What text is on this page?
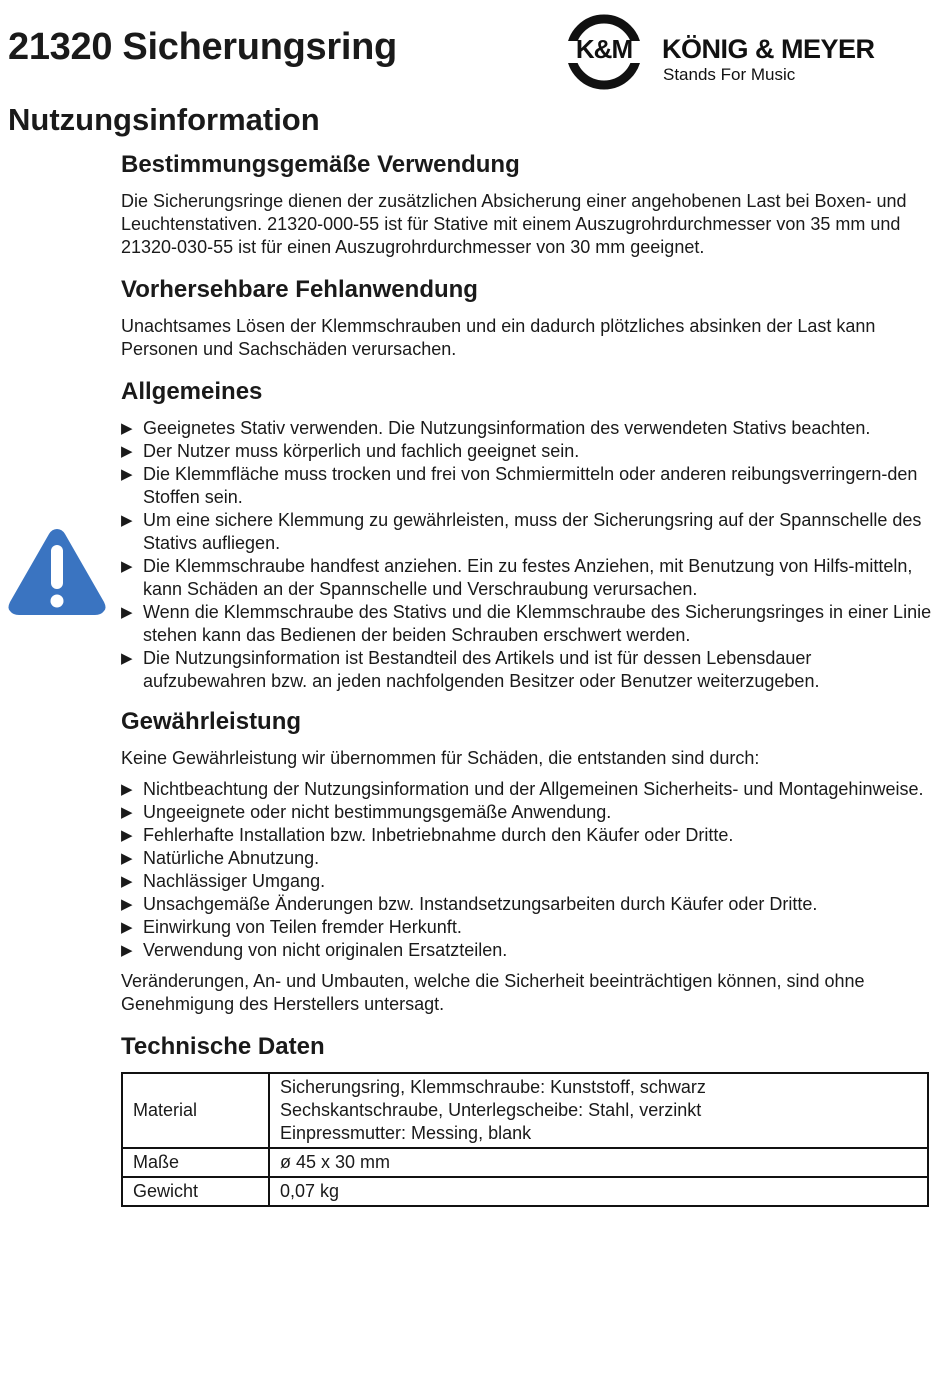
21320 Sicherungsring	K&M	KÖNIG & MEYER
Stands For Music
Nutzungsinformation
Bestimmungsgemäße Verwendung

Die Sicherungsringe dienen der zusätzlichen Absicherung einer angehobenen Last bei Boxen- und Leuchtenstativen. 21320-000-55 ist für Stative mit einem Auszugrohrdurchmesser von 35 mm und 21320-030-55 ist für einen Auszugrohrdurchmesser von 30 mm geeignet.

Vorhersehbare Fehlanwendung

Unachtsames Lösen der Klemmschrauben und ein dadurch plötzliches absinken der Last kann Personen und Sachschäden verursachen.

Allgemeines
▶ Geeignetes Stativ verwenden. Die Nutzungsinformation des verwendeten Stativs beachten.
▶ Der Nutzer muss körperlich und fachlich geeignet sein.
▶ Die Klemmfläche muss trocken und frei von Schmiermitteln oder anderen reibungsverringern-den Stoffen sein.
▶ Um eine sichere Klemmung zu gewährleisten, muss der Sicherungsring auf der Spannschelle des Stativs aufliegen.
▶ Die Klemmschraube handfest anziehen. Ein zu festes Anziehen, mit Benutzung von Hilfs-mitteln, kann Schäden an der Spannschelle und Verschraubung verursachen.
▶ Wenn die Klemmschraube des Stativs und die Klemmschraube des Sicherungsringes in einer Linie stehen kann das Bedienen der beiden Schrauben erschwert werden.
▶ Die Nutzungsinformation ist Bestandteil des Artikels und ist für dessen Lebensdauer aufzubewahren bzw. an jeden nachfolgenden Besitzer oder Benutzer weiterzugeben.
Gewährleistung

Keine Gewährleistung wir übernommen für Schäden, die entstanden sind durch:

▶ Nichtbeachtung der Nutzungsinformation und der Allgemeinen Sicherheits- und Montagehinweise.
▶ Ungeeignete oder nicht bestimmungsgemäße Anwendung.
▶ Fehlerhafte Installation bzw. Inbetriebnahme durch den Käufer oder Dritte.
▶ Natürliche Abnutzung.
▶ Nachlässiger Umgang.
▶ Unsachgemäße Änderungen bzw. Instandsetzungsarbeiten durch Käufer oder Dritte.
▶ Einwirkung von Teilen fremder Herkunft.
▶ Verwendung von nicht originalen Ersatzteilen.

Veränderungen, An- und Umbauten, welche die Sicherheit beeinträchtigen können, sind ohne Genehmigung des Herstellers untersagt.

Technische Daten
Material	Sicherungsring, Klemmschraube: Kunststoff, schwarz
Sechskantschraube, Unterlegscheibe: Stahl, verzinkt
Einpressmutter: Messing, blank

Maße	ø 45 x 30 mm

Gewicht	0,07 kg
